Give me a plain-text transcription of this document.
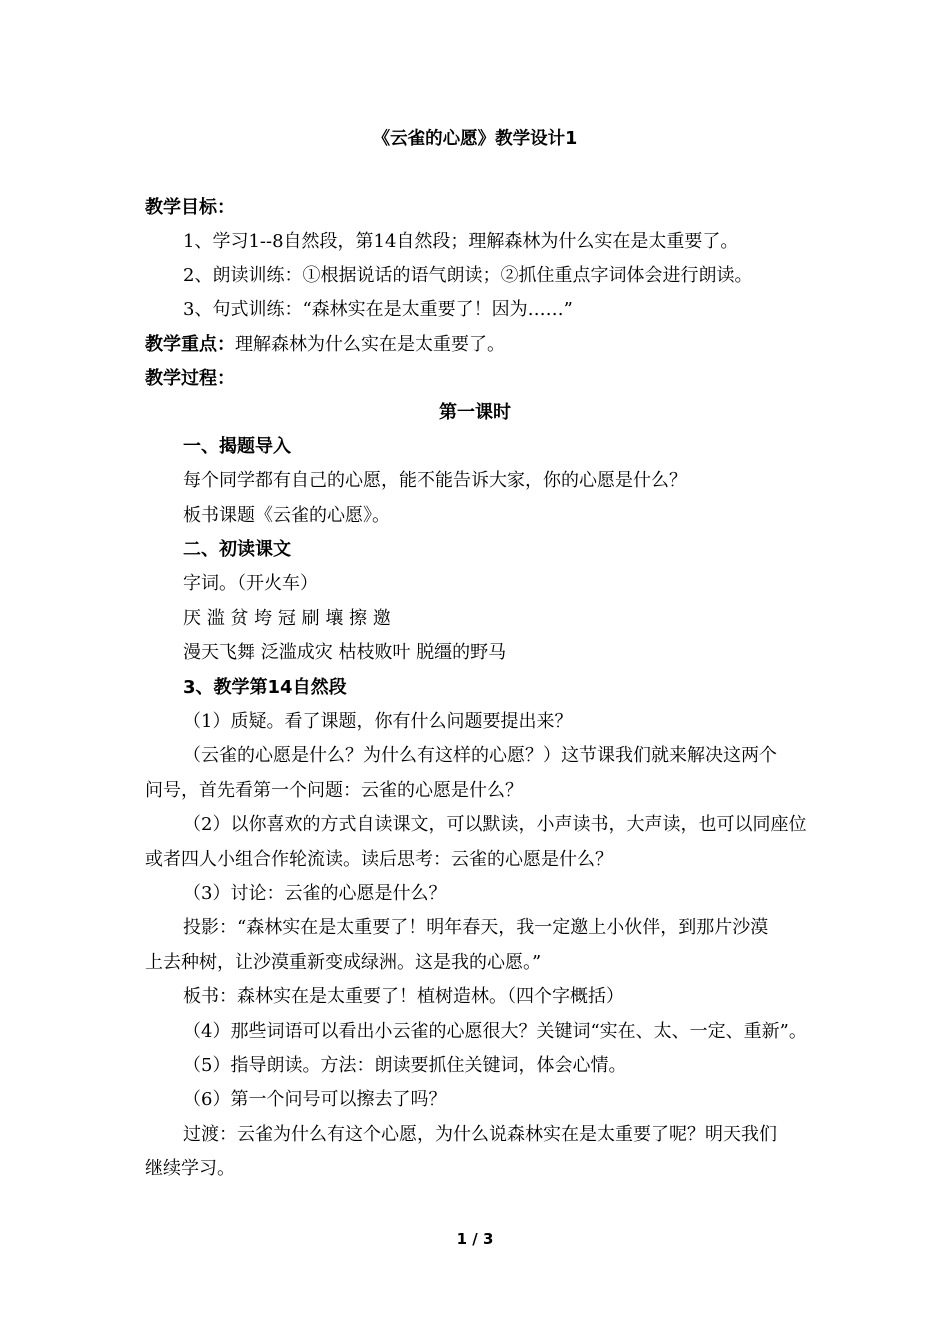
《云雀的心愿》教学设计1
教学目标：
1、学习1--8自然段，第14自然段；理解森林为什么实在是太重要了。
2、朗读训练：①根据说话的语气朗读；②抓住重点字词体会进行朗读。
3、句式训练：“森林实在是太重要了！因为……”
教学重点：理解森林为什么实在是太重要了。
教学过程：
第一课时
一、揭题导入
每个同学都有自己的心愿，能不能告诉大家，你的心愿是什么？
板书课题《云雀的心愿》。
二、初读课文
字词。（开火车）
厌 滥 贫 垮 冠 刷 壤 擦 邀
漫天飞舞 泛滥成灾 枯枝败叶 脱缰的野马
3、教学第14自然段
（1）质疑。看了课题，你有什么问题要提出来？
（云雀的心愿是什么？为什么有这样的心愿？）这节课我们就来解决这两个
问号，首先看第一个问题：云雀的心愿是什么？
（2）以你喜欢的方式自读课文，可以默读，小声读书，大声读，也可以同座位
或者四人小组合作轮流读。读后思考：云雀的心愿是什么？
（3）讨论：云雀的心愿是什么？
投影：“森林实在是太重要了！明年春天，我一定邀上小伙伴，到那片沙漠
上去种树，让沙漠重新变成绿洲。这是我的心愿。”
板书：森林实在是太重要了！植树造林。（四个字概括）
（4）那些词语可以看出小云雀的心愿很大？关键词“实在、太、一定、重新”。
（5）指导朗读。方法：朗读要抓住关键词，体会心情。
（6）第一个问号可以擦去了吗？
过渡：云雀为什么有这个心愿，为什么说森林实在是太重要了呢？明天我们
继续学习。
1 / 3
